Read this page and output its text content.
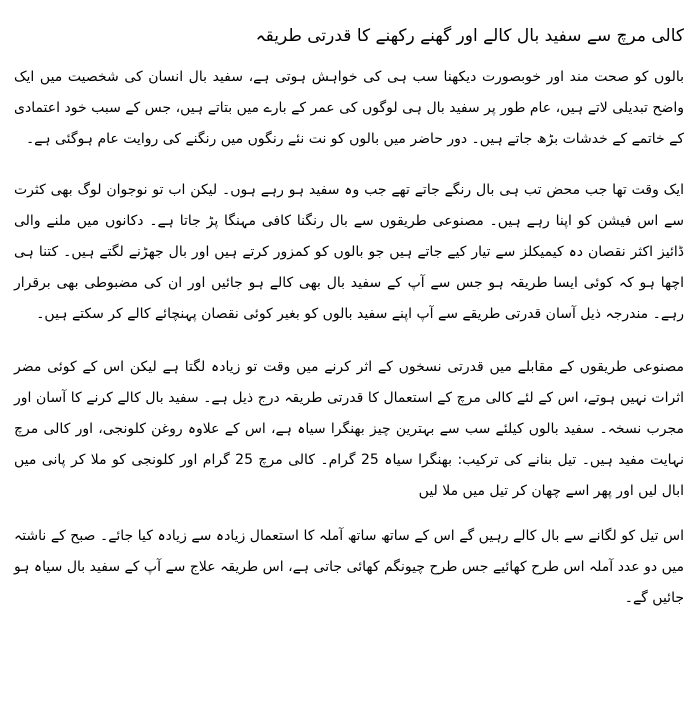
کالی مرچ سے سفید بال کالے اور گھنے رکھنے کا قدرتی طریقہ

بالوں کو صحت مند اور خوبصورت دیکھنا سب ہی کی خواہش ہوتی ہے، سفید بال انسان کی شخصیت میں ایک واضح تبدیلی لاتے ہیں، عام طور پر سفید بال ہی لوگوں کی عمر کے بارے میں بتاتے ہیں، جس کے سبب خود اعتمادی کے خاتمے کے خدشات بڑھ جاتے ہیں۔ دور حاضر میں بالوں کو نت نئے رنگوں میں رنگنے کی روایت عام ہوگئی ہے۔

ایک وقت تھا جب محض تب ہی بال رنگے جاتے تھے جب وہ سفید ہو رہے ہوں۔ لیکن اب تو نوجوان لوگ بھی کثرت سے اس فیشن کو اپنا رہے ہیں۔ مصنوعی طریقوں سے بال رنگنا کافی مہنگا پڑ جاتا ہے۔ دکانوں میں ملنے والی ڈائیز اکثر نقصان دہ کیمیکلز سے تیار کیے جاتے ہیں جو بالوں کو کمزور کرتے ہیں اور بال جھڑنے لگتے ہیں۔ کتنا ہی اچھا ہو کہ کوئی ایسا طریقہ ہو جس سے آپ کے سفید بال بھی کالے ہو جائیں اور ان کی مضبوطی بھی برقرار رہے۔ مندرجہ ذیل آسان قدرتی طریقے سے آپ اپنے سفید بالوں کو بغیر کوئی نقصان پہنچائے کالے کر سکتے ہیں۔

مصنوعی طریقوں کے مقابلے میں قدرتی نسخوں کے اثر کرنے میں وقت تو زیادہ لگتا ہے لیکن اس کے کوئی مضر اثرات نہیں ہوتے، اس کے لئے کالی مرچ کے استعمال کا قدرتی طریقہ درج ذیل ہے۔ سفید بال کالے کرنے کا آسان اور مجرب نسخہ۔ سفید بالوں کیلئے سب سے بہترین چیز بھنگرا سیاہ ہے، اس کے علاوہ روغن کلونجی، اور کالی مرچ نہایت مفید ہیں۔ تیل بنانے کی ترکیب: بھنگرا سیاہ 25 گرام۔ کالی مرچ 25 گرام اور کلونجی کو ملا کر پانی میں ابال لیں اور پھر اسے چھان کر تیل میں ملا لیں

اس تیل کو لگانے سے بال کالے رہیں گے اس کے ساتھ ساتھ آملہ کا استعمال زیادہ سے زیادہ کیا جائے۔ صبح کے ناشتہ میں دو عدد آملہ اس طرح کھائیے جس طرح چیونگم کھائی جاتی ہے، اس طریقہ علاج سے آپ کے سفید بال سیاہ ہو جائیں گے۔
